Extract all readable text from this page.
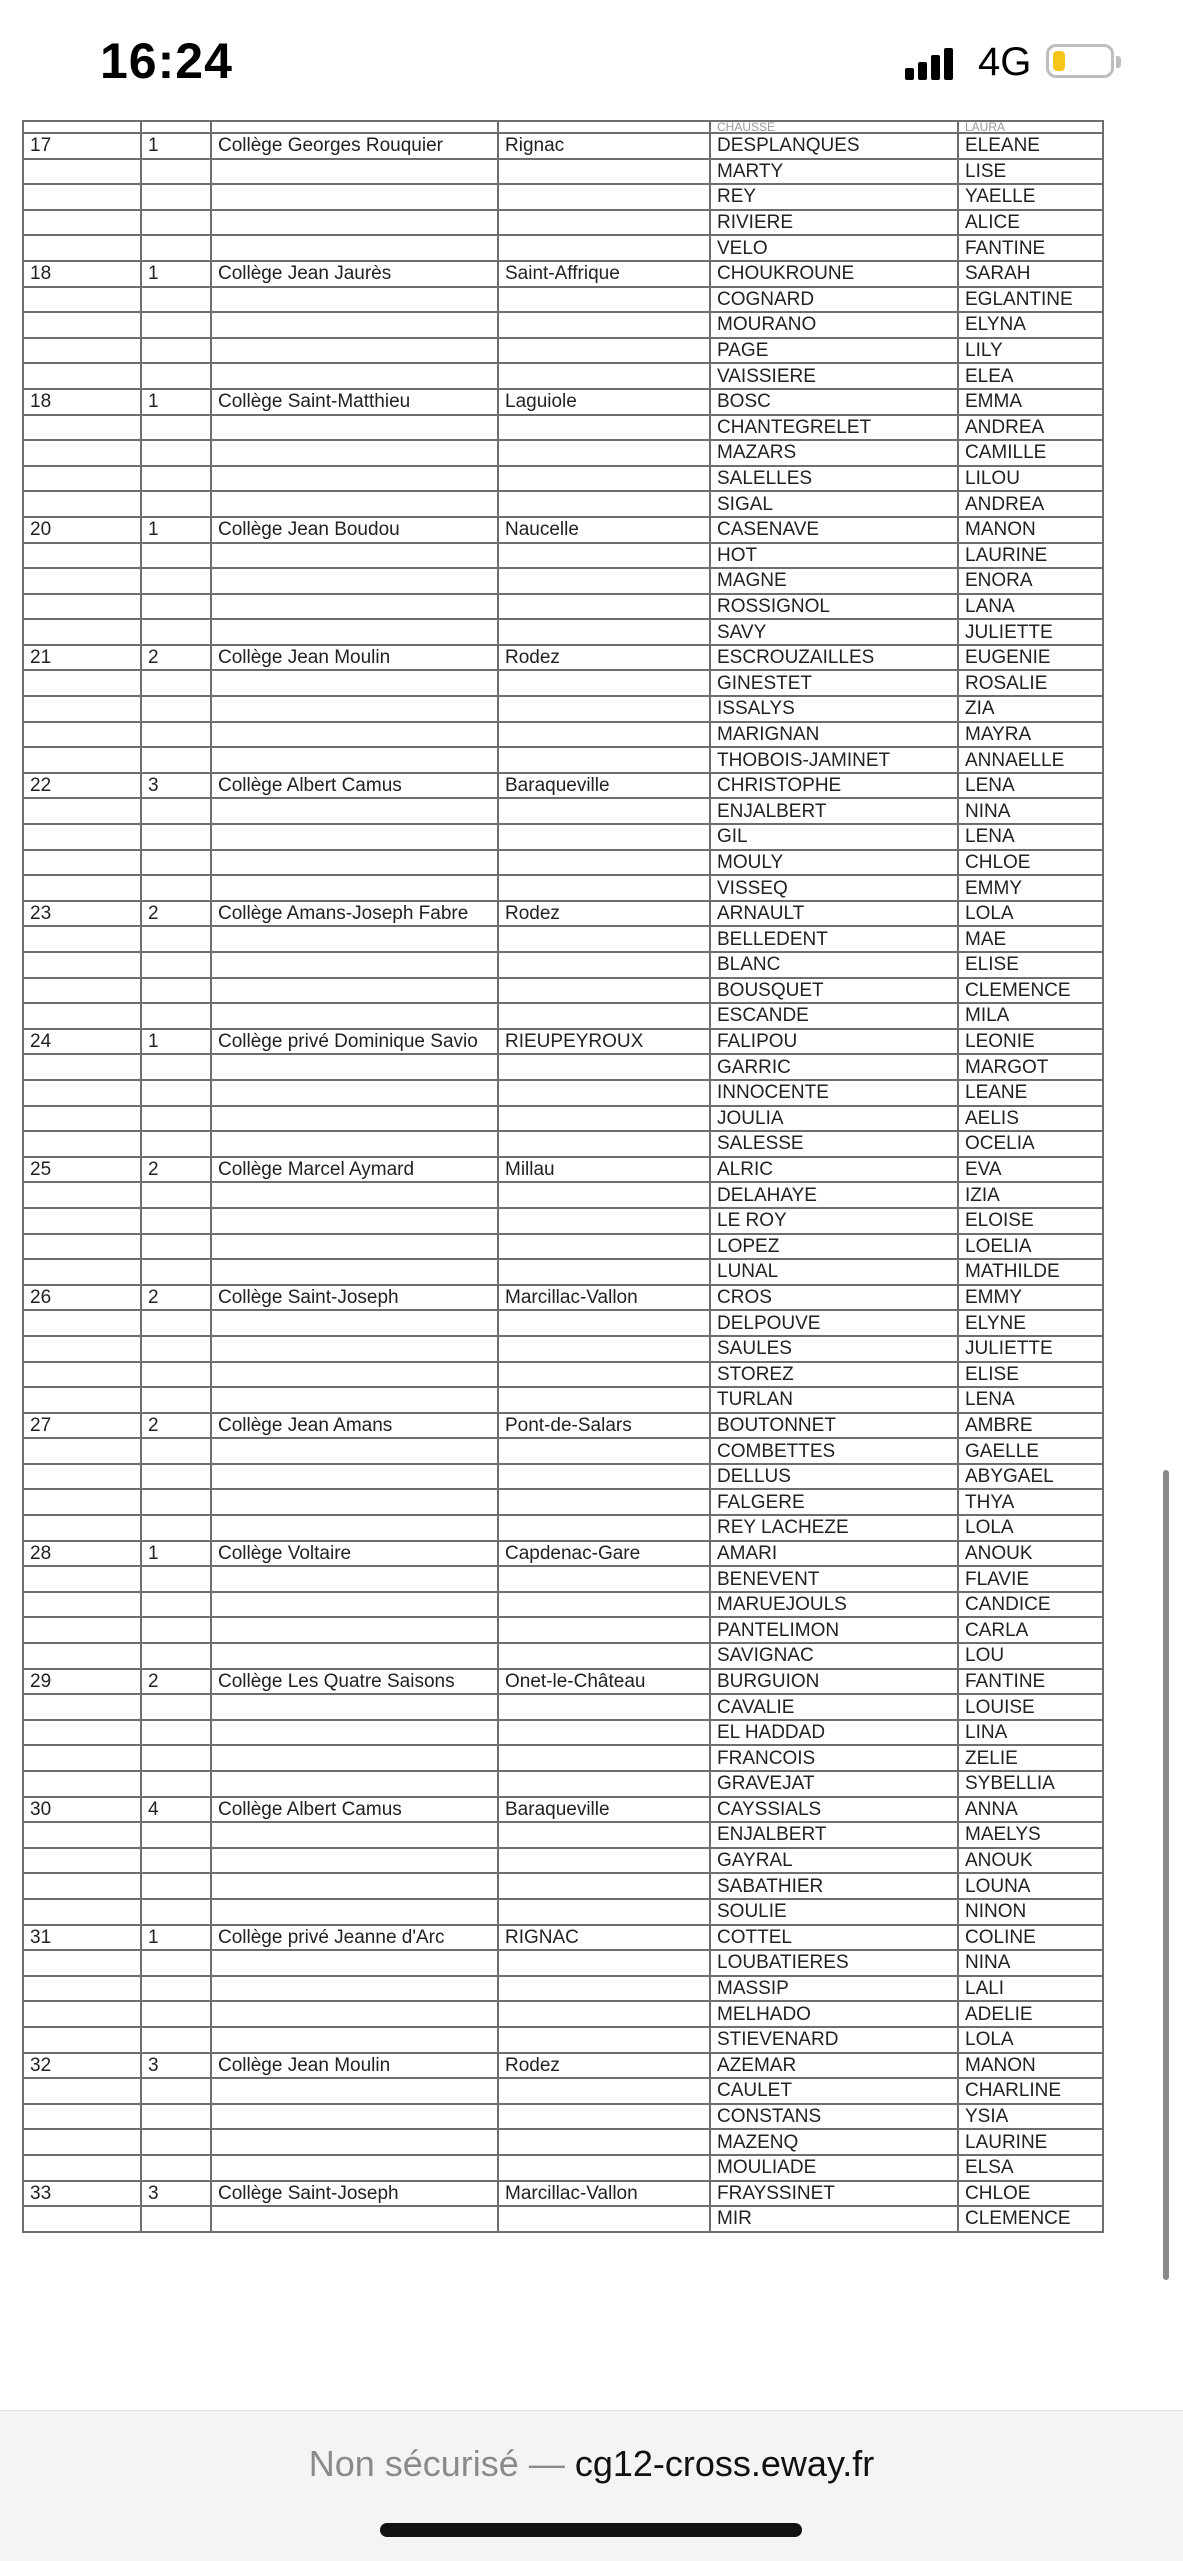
16:24	4G
				CHAUSSE	LAURA
17	1	Collège Georges Rouquier	Rignac	DESPLANQUES	ELEANE
				MARTY	LISE
				REY	YAELLE
				RIVIERE	ALICE
				VELO	FANTINE
18	1	Collège Jean Jaurès	Saint-Affrique	CHOUKROUNE	SARAH
				COGNARD	EGLANTINE
				MOURANO	ELYNA
				PAGE	LILY
				VAISSIERE	ELEA
18	1	Collège Saint-Matthieu	Laguiole	BOSC	EMMA
				CHANTEGRELET	ANDREA
				MAZARS	CAMILLE
				SALELLES	LILOU
				SIGAL	ANDREA
20	1	Collège Jean Boudou	Naucelle	CASENAVE	MANON
				HOT	LAURINE
				MAGNE	ENORA
				ROSSIGNOL	LANA
				SAVY	JULIETTE
21	2	Collège Jean Moulin	Rodez	ESCROUZAILLES	EUGENIE
				GINESTET	ROSALIE
				ISSALYS	ZIA
				MARIGNAN	MAYRA
				THOBOIS-JAMINET	ANNAELLE
22	3	Collège Albert Camus	Baraqueville	CHRISTOPHE	LENA
				ENJALBERT	NINA
				GIL	LENA
				MOULY	CHLOE
				VISSEQ	EMMY
23	2	Collège Amans-Joseph Fabre	Rodez	ARNAULT	LOLA
				BELLEDENT	MAE
				BLANC	ELISE
				BOUSQUET	CLEMENCE
				ESCANDE	MILA
24	1	Collège privé Dominique Savio	RIEUPEYROUX	FALIPOU	LEONIE
				GARRIC	MARGOT
				INNOCENTE	LEANE
				JOULIA	AELIS
				SALESSE	OCELIA
25	2	Collège Marcel Aymard	Millau	ALRIC	EVA
				DELAHAYE	IZIA
				LE ROY	ELOISE
				LOPEZ	LOELIA
				LUNAL	MATHILDE
26	2	Collège Saint-Joseph	Marcillac-Vallon	CROS	EMMY
				DELPOUVE	ELYNE
				SAULES	JULIETTE
				STOREZ	ELISE
				TURLAN	LENA
27	2	Collège Jean Amans	Pont-de-Salars	BOUTONNET	AMBRE
				COMBETTES	GAELLE
				DELLUS	ABYGAEL
				FALGERE	THYA
				REY LACHEZE	LOLA
28	1	Collège Voltaire	Capdenac-Gare	AMARI	ANOUK
				BENEVENT	FLAVIE
				MARUEJOULS	CANDICE
				PANTELIMON	CARLA
				SAVIGNAC	LOU
29	2	Collège Les Quatre Saisons	Onet-le-Château	BURGUION	FANTINE
				CAVALIE	LOUISE
				EL HADDAD	LINA
				FRANCOIS	ZELIE
				GRAVEJAT	SYBELLIA
30	4	Collège Albert Camus	Baraqueville	CAYSSIALS	ANNA
				ENJALBERT	MAELYS
				GAYRAL	ANOUK
				SABATHIER	LOUNA
				SOULIE	NINON
31	1	Collège privé Jeanne d'Arc	RIGNAC	COTTEL	COLINE
				LOUBATIERES	NINA
				MASSIP	LALI
				MELHADO	ADELIE
				STIEVENARD	LOLA
32	3	Collège Jean Moulin	Rodez	AZEMAR	MANON
				CAULET	CHARLINE
				CONSTANS	YSIA
				MAZENQ	LAURINE
				MOULIADE	ELSA
33	3	Collège Saint-Joseph	Marcillac-Vallon	FRAYSSINET	CHLOE
				MIR	CLEMENCE
Non sécurisé — cg12-cross.eway.fr
